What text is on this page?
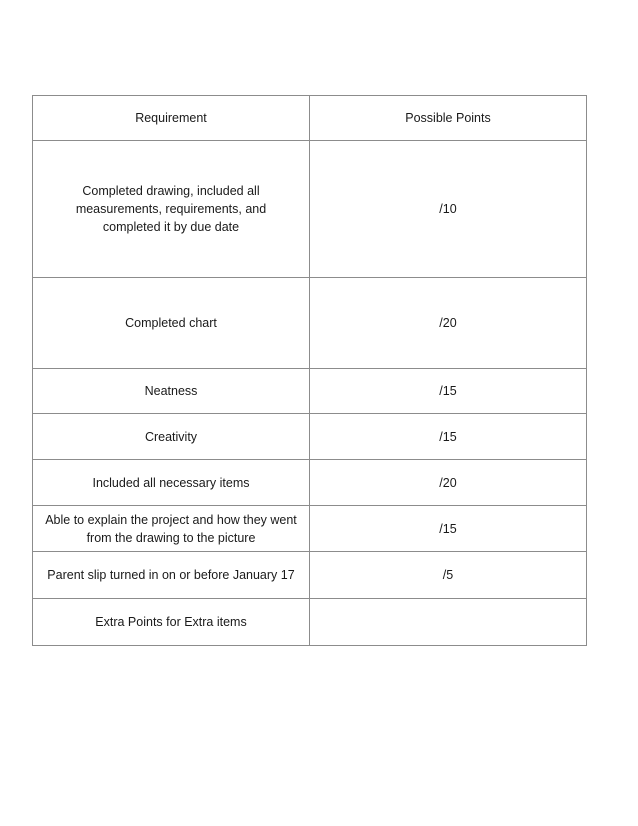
Requirement	Possible Points
Completed drawing, included all measurements, requirements, and completed it by due date	/10
Completed chart	/20
Neatness	/15
Creativity	/15
Included all necessary items	/20
Able to explain the project and how they went from the drawing to the picture	/15
Parent slip turned in on or before January 17	/5
Extra Points for Extra items	
